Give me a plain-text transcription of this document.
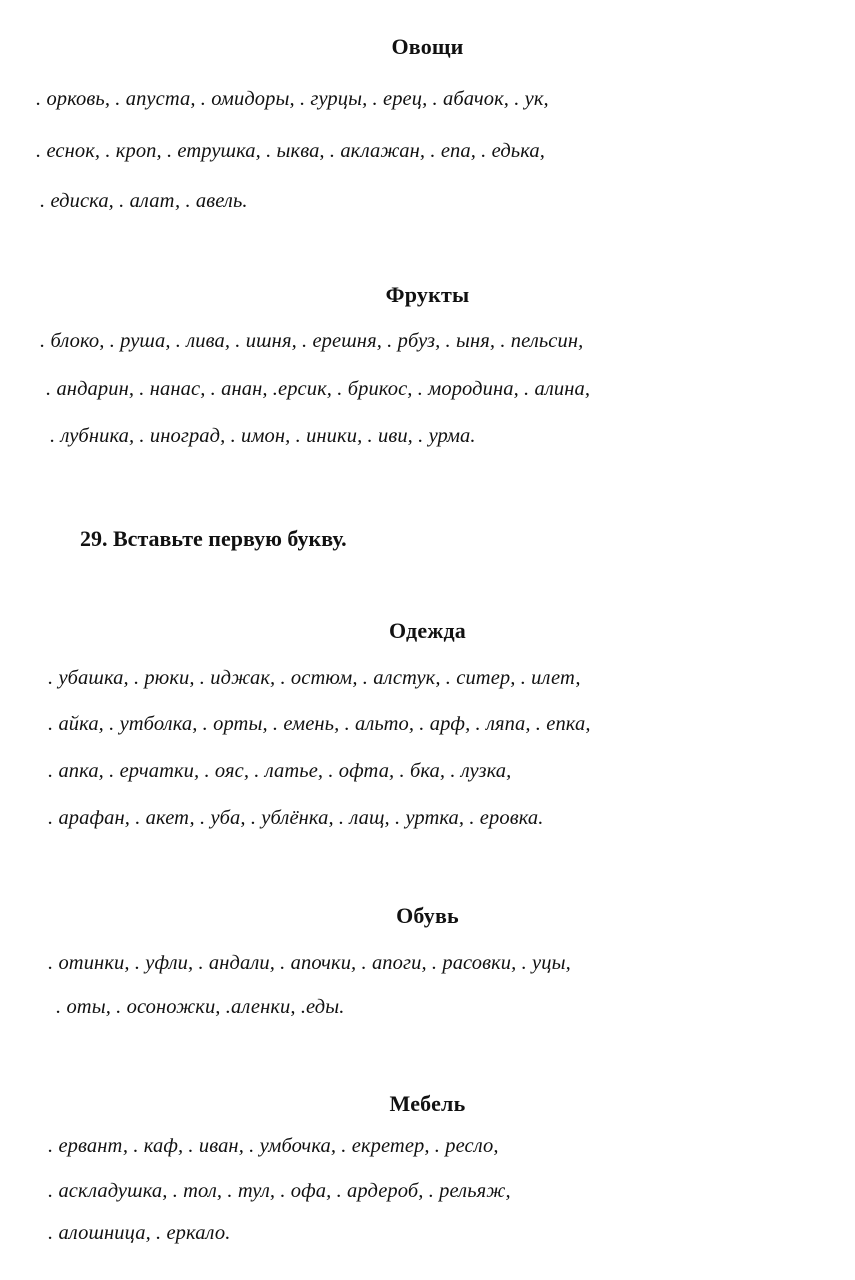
Овощи
. орковь, . апуста, . омидоры, . гурцы, . ерец, . абачок, . ук,
. еснок, . кроп, . етрушка, . ыква, . аклажан, . епа, . едька,
. едиска, . алат, . авель.
Фрукты
. блоко, . руша, . лива, . ишня, . ерешня, . рбуз, . ыня, . пельсин,
. андарин, . нанас, . анан, .ерсик, . брикос, . мородина, . алина,
. лубника, . иноград, . имон, . иники, . иви, . урма.
29. Вставьте первую букву.
Одежда
. убашка, . рюки, . иджак, . остюм, . алстук, . ситер, . илет,
. айка, . утболка, . орты, . емень, . альто, . арф, . ляпа, . епка,
. апка, . ерчатки, . ояс, . латье, . офта, . бка, . лузка,
. арафан, . акет, . уба, . ублёнка, . лащ, . уртка, . еровка.
Обувь
. отинки, . уфли, . андали, . апочки, . апоги, . расовки, . уцы,
. оты, . осоножки, .аленки, .еды.
Мебель
. ервант, . каф, . иван, . умбочка, . екретер, . ресло,
. аскладушка, . тол, . тул, . офа, . ардероб, . рельяж,
. алошница, . еркало.
